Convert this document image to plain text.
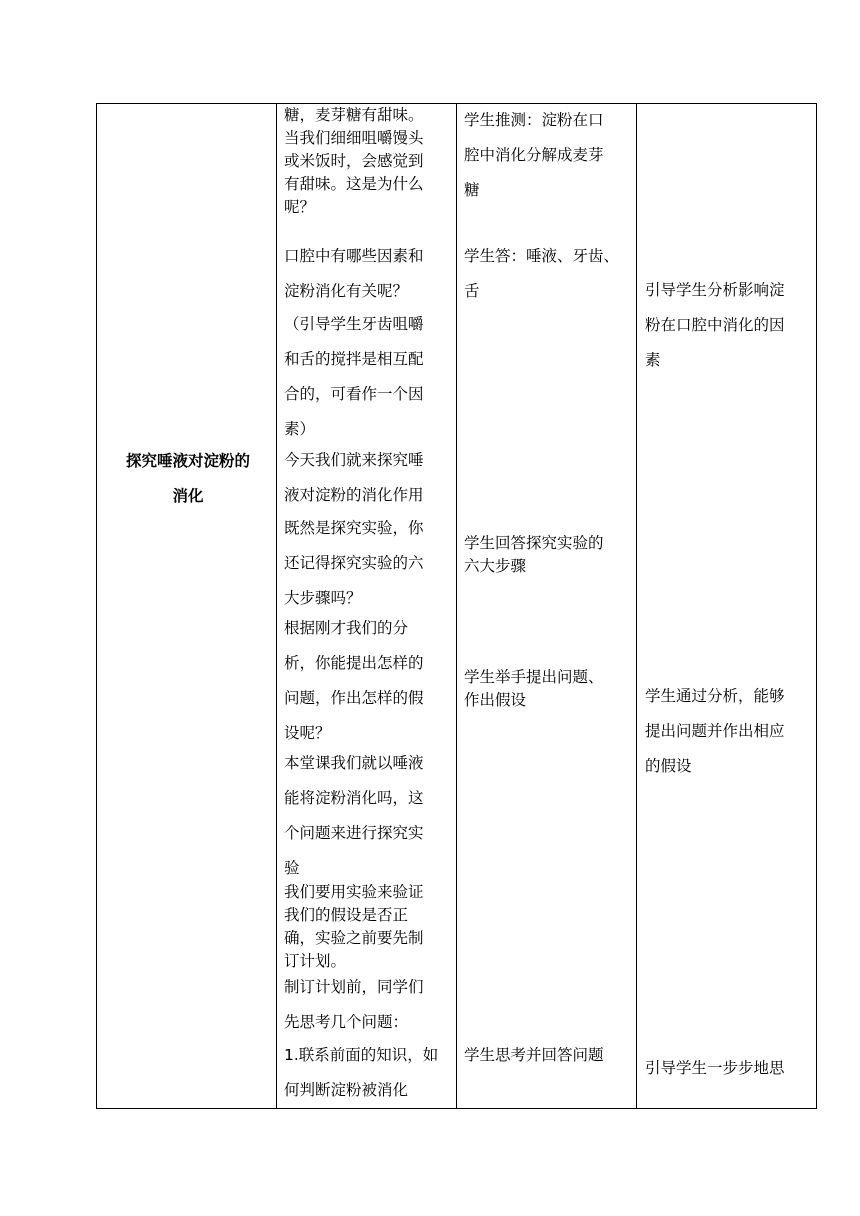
探究唾液对淀粉的
消化
糖，麦芽糖有甜味。
当我们细细咀嚼馒头
或米饭时，会感觉到
有甜味。这是为什么
呢？
口腔中有哪些因素和
淀粉消化有关呢？
（引导学生牙齿咀嚼
和舌的搅拌是相互配
合的，可看作一个因
素）
今天我们就来探究唾
液对淀粉的消化作用
既然是探究实验，你
还记得探究实验的六
大步骤吗？
根据刚才我们的分
析，你能提出怎样的
问题，作出怎样的假
设呢？
本堂课我们就以唾液
能将淀粉消化吗，这
个问题来进行探究实
验
我们要用实验来验证
我们的假设是否正
确，实验之前要先制
订计划。
制订计划前，同学们
先思考几个问题：
1.联系前面的知识，如
何判断淀粉被消化
学生推测：淀粉在口
腔中消化分解成麦芽
糖
学生答：唾液、牙齿、
舌
学生回答探究实验的
六大步骤
学生举手提出问题、
作出假设
学生思考并回答问题
引导学生分析影响淀
粉在口腔中消化的因
素
学生通过分析，能够
提出问题并作出相应
的假设
引导学生一步步地思
